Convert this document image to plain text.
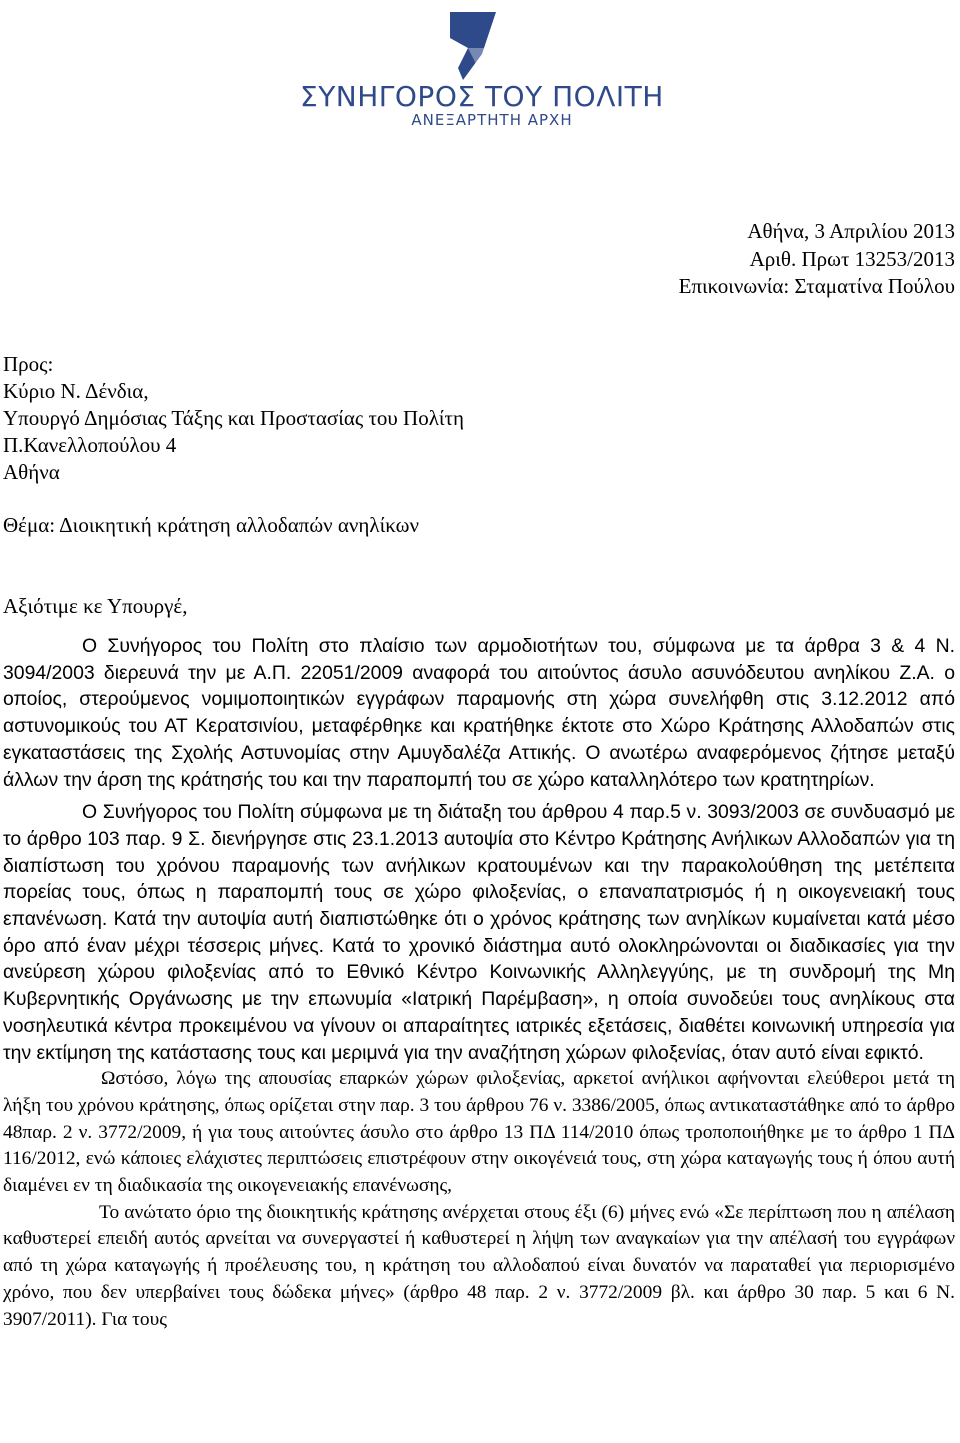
ΣΥΝΗΓΟΡΟΣ ΤΟΥ ΠΟΛΙΤΗ
ΑΝΕΞΑΡΤΗΤΗ ΑΡΧΗ
Αθήνα, 3 Απριλίου 2013
Αριθ. Πρωτ 13253/2013
Επικοινωνία: Σταματίνα Πούλου
Προς:
Κύριο Ν. Δένδια,
Υπουργό Δημόσιας Τάξης και Προστασίας του Πολίτη
Π.Κανελλοπούλου 4
Αθήνα
Θέμα: Διοικητική κράτηση αλλοδαπών ανηλίκων
Αξιότιμε κε Υπουργέ,

Ο Συνήγορος του Πολίτη στο πλαίσιο των αρμοδιοτήτων του, σύμφωνα με τα άρθρα 3 & 4 Ν. 3094/2003 διερευνά την με Α.Π. 22051/2009 αναφορά του αιτούντος άσυλο ασυνόδευτου ανηλίκου Ζ.Α. ο οποίος, στερούμενος νομιμοποιητικών εγγράφων παραμονής στη χώρα συνελήφθη στις 3.12.2012 από αστυνομικούς του ΑΤ Κερατσινίου, μεταφέρθηκε και κρατήθηκε έκτοτε στο Χώρο Κράτησης Αλλοδαπών στις εγκαταστάσεις της Σχολής Αστυνομίας στην Αμυγδαλέζα Αττικής. Ο ανωτέρω αναφερόμενος ζήτησε μεταξύ άλλων την άρση της κράτησής του και την παραπομπή του σε χώρο καταλληλότερο των κρατητηρίων.

Ο Συνήγορος του Πολίτη σύμφωνα με τη διάταξη του άρθρου 4 παρ.5 ν. 3093/2003 σε συνδυασμό με το άρθρο 103 παρ. 9 Σ. διενήργησε στις 23.1.2013 αυτοψία στο Κέντρο Κράτησης Ανήλικων Αλλοδαπών για τη διαπίστωση του χρόνου παραμονής των ανήλικων κρατουμένων και την παρακολούθηση της μετέπειτα πορείας τους, όπως η παραπομπή τους σε χώρο φιλοξενίας, ο επαναπατρισμός ή η οικογενειακή τους επανένωση. Κατά την αυτοψία αυτή διαπιστώθηκε ότι ο χρόνος κράτησης των ανηλίκων κυμαίνεται κατά μέσο όρο από έναν μέχρι τέσσερις μήνες. Κατά το χρονικό διάστημα αυτό ολοκληρώνονται οι διαδικασίες για την ανεύρεση χώρου φιλοξενίας από το Εθνικό Κέντρο Κοινωνικής Αλληλεγγύης, με τη συνδρομή της Μη Κυβερνητικής Οργάνωσης με την επωνυμία «Ιατρική Παρέμβαση», η οποία συνοδεύει τους ανηλίκους στα νοσηλευτικά κέντρα προκειμένου να γίνουν οι απαραίτητες ιατρικές εξετάσεις, διαθέτει κοινωνική υπηρεσία για την εκτίμηση της κατάστασης τους και μεριμνά για την αναζήτηση χώρων φιλοξενίας, όταν αυτό είναι εφικτό.

Ωστόσο, λόγω της απουσίας επαρκών χώρων φιλοξενίας, αρκετοί ανήλικοι αφήνονται ελεύθεροι μετά τη λήξη του χρόνου κράτησης, όπως ορίζεται στην παρ. 3 του άρθρου 76 ν. 3386/2005, όπως αντικαταστάθηκε από το άρθρο 48παρ. 2 ν. 3772/2009, ή για τους αιτούντες άσυλο στο άρθρο 13 ΠΔ 114/2010 όπως τροποποιήθηκε με το άρθρο 1 ΠΔ 116/2012, ενώ κάποιες ελάχιστες περιπτώσεις επιστρέφουν στην οικογένειά τους, στη χώρα καταγωγής τους ή όπου αυτή διαμένει εν τη διαδικασία της οικογενειακής επανένωσης,

Το ανώτατο όριο της διοικητικής κράτησης ανέρχεται στους έξι (6) μήνες ενώ «Σε περίπτωση που η απέλαση καθυστερεί επειδή αυτός αρνείται να συνεργαστεί ή καθυστερεί η λήψη των αναγκαίων για την απέλασή του εγγράφων από τη χώρα καταγωγής ή προέλευσης του, η κράτηση του αλλοδαπού είναι δυνατόν να παραταθεί για περιορισμένο χρόνο, που δεν υπερβαίνει τους δώδεκα μήνες» (άρθρο 48 παρ. 2 ν. 3772/2009 βλ. και άρθρο 30 παρ. 5 και 6 Ν. 3907/2011). Για τους
